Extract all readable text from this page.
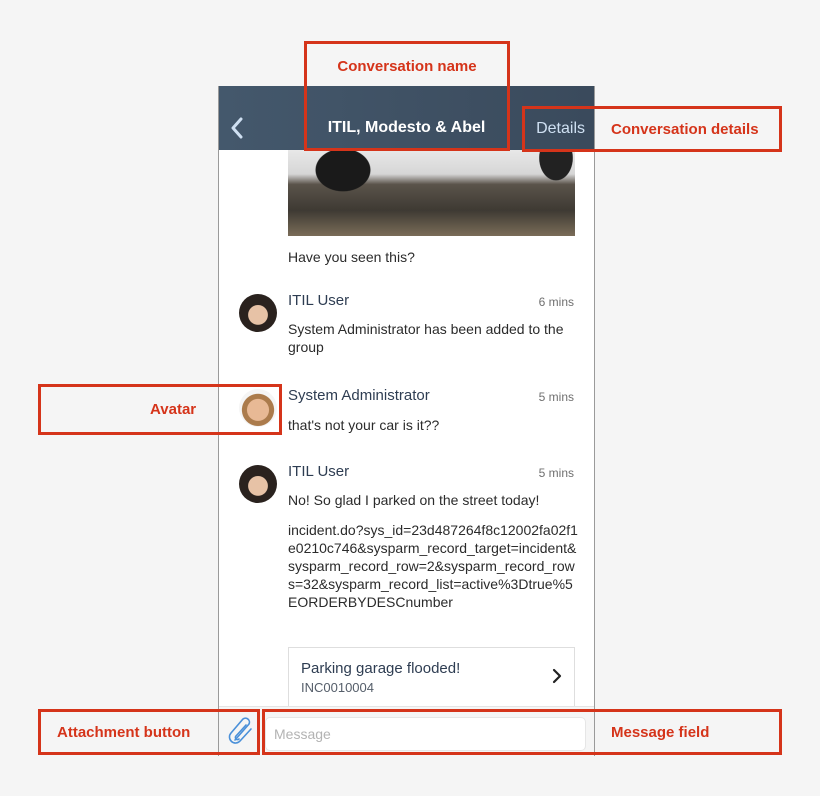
ITIL, Modesto & Abel	Details
Have you seen this?
ITIL User	6 mins
System Administrator has been added to the group
System Administrator	5 mins
that's not your car is it??
ITIL User	5 mins
No! So glad I parked on the street today!
incident.do?sys_id=23d487264f8c12002fa02f1e0210c746&sysparm_record_target=incident&sysparm_record_row=2&sysparm_record_rows=32&sysparm_record_list=active%3Dtrue%5EORDERBYDESCnumber
Parking garage flooded!
INC0010004
Message
Conversation name
Conversation details
Avatar
Attachment button	Message field
